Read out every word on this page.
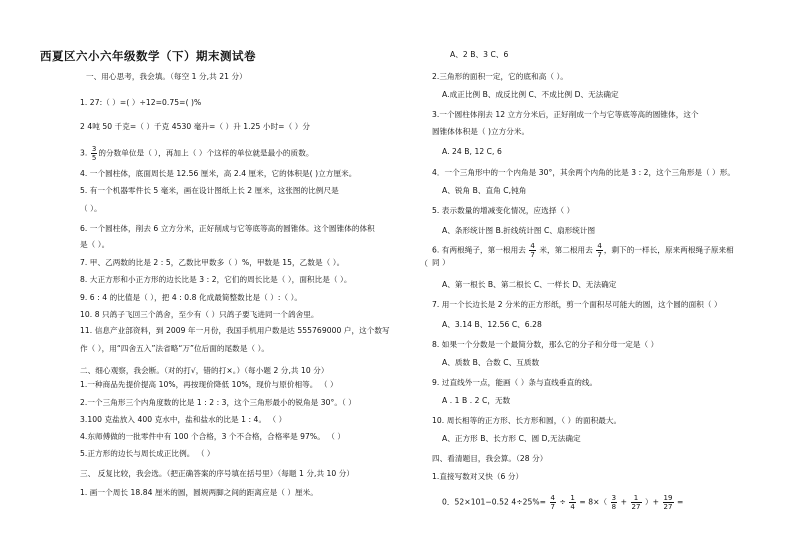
西夏区六小六年级数学（下）期末测试卷
一、用心思考，我会填。（每空 1 分,共 21 分）
1. 27:（ ）=( ）÷12=0.75=( )%
2 4吨 50 千克=（ ）千克 4530 毫升=（ ）升 1.25 小时=（ ）分
3. $\frac{3}{5}$ 的分数单位是（ ），再加上（ ）个这样的单位就是最小的质数。
4. 一个圆柱体，底面周长是 12.56 厘米，高 2.4 厘米，它的体积是( )立方厘米。
5. 有一个机器零件长 5 毫米，画在设计图纸上长 2 厘米，这张图的比例尺是
（ ）。
6. 一个圆柱体，削去 6 立方分米，正好削成与它等底等高的圆锥体。这个圆锥体的体积
是（ ）。
7. 甲、乙两数的比是 2 : 5，乙数比甲数多（ ）%，甲数是 15，乙数是（ ）。
8. 大正方形和小正方形的边长比是 3 : 2，它们的周长比是（ ），面积比是（ ）。
9. 6 : 4 的比值是（ ），把 4 : 0.8 化成最简整数比是（ ）:（ ）。
10. 8 只鸽子飞回三个鸽舍，至少有（ ）只鸽子要飞进同一个鸽舍里。
11. 信息产业部资料，到 2009 年一月份，我国手机用户数是达 555769000 户，这个数写
作（ ），用“四舍五入”法省略“万”位后面的尾数是（ ）。
二、细心观察，我会断。（对的打√，错的打×。）（每小题 2 分,共 10 分）
1.一种商品先提价提高 10%，再按现价降低 10%，现价与原价相等。 （ ）
2.一个三角形三个内角度数的比是 1 : 2 : 3，这个三角形最小的锐角是 30°。（ ）
3.100 克盐放入 400 克水中，盐和盐水的比是 1 : 4。 （ ）
4.东师傅做的一批零件中有 100 个合格，3 个不合格，合格率是 97%。 （ ）
5.正方形的边长与周长成正比例。 （ ）
三、 反复比较，我会选。（把正确答案的序号填在括号里）（每题 1 分,共 10 分）
1. 画一个周长 18.84 厘米的圆，圆规两脚之间的距离应是（ ）厘米。
A、2 B、3 C、6
2.三角形的面积一定，它的底和高（ ）。
A.成正比例 B、成反比例 C、不成比例 D、无法确定
3.一个圆柱体削去 12 立方分米后，正好削成一个与它等底等高的圆锥体，这个
圆锥体体积是（ )立方分米。
A. 24 B, 12 C, 6
4．一个三角形中的一个内角是 30°，其余两个内角的比是 3 : 2，这个三角形是（ ）形。
A、锐角 B、直角 C,钝角
5. 表示数量的增减变化情况，应选择（ ）
A、条形统计图 B.折线统计图 C、扇形统计图
6. 有两根绳子，第一根用去 $\frac{4}{7}$ 米，第二根用去 $\frac{4}{7}$ ，剩下的一样长，原来两根绳子原来相
同 ）
A、第一根长 B、第二根长 C、一样长 D、无法确定
7. 用一个长边长是 2 分米的正方形纸，剪一个面积尽可能大的圆，这个圆的面积（ ）
A、3.14 B、12.56 C、6.28
8. 如果一个分数是一个最简分数，那么它的分子和分母一定是（ ）
A、质数 B、合数 C、互质数
9. 过直线外一点，能画（ ）条与直线垂直的线。
A . 1 B . 2 C，无数
10. 周长相等的正方形、长方形和圆，（ ）的面积最大。
A、正方形 B、长方形 C、圆 D,无法确定
四、看清题目，我会算。（28 分）
1.直接写数对又快（6 分）
0．52×101−0.52 $4\div 25\%= \frac{4}{7} \div \frac{1}{4} = 8\times( \frac{3}{8} + \frac{1}{27}$ ）+ $\frac{19}{27}$ =
（
